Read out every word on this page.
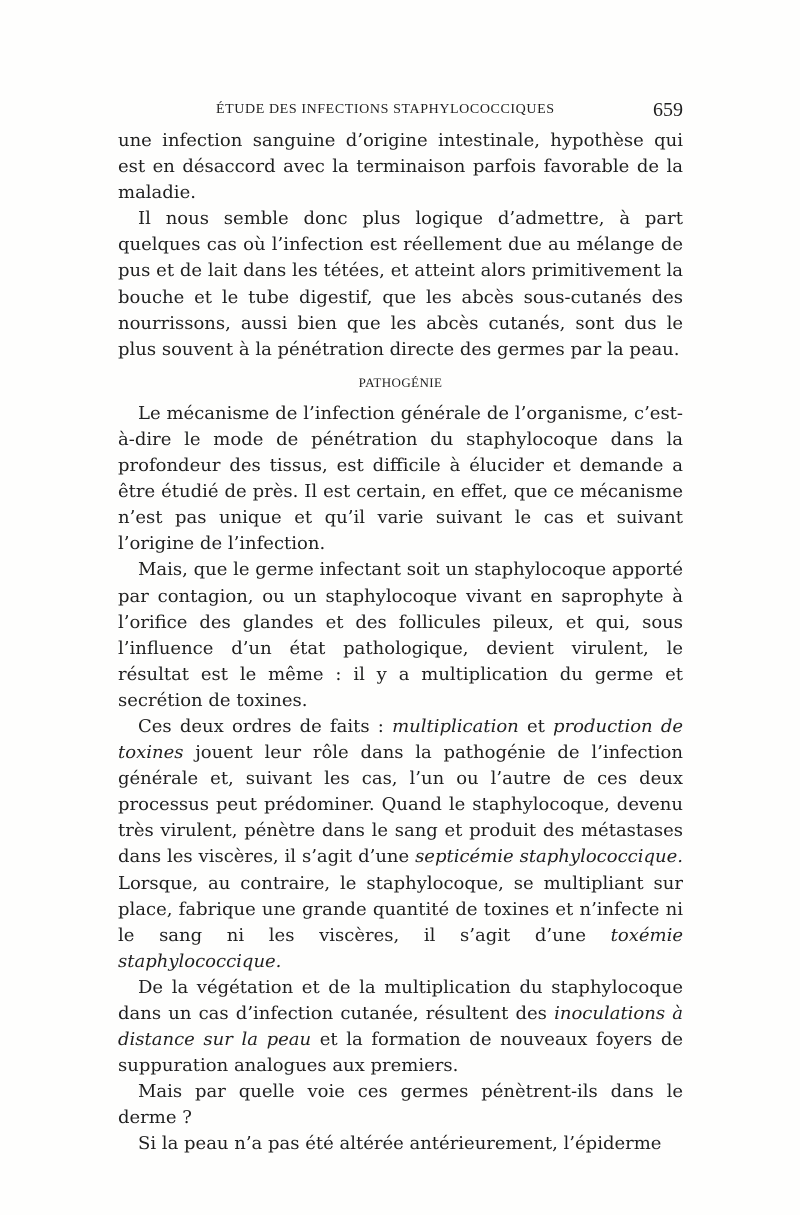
ÉTUDE DES INFECTIONS STAPHYLOCOCCIQUES	659

une infection sanguine d’origine intestinale, hypothèse qui est en désaccord avec la terminaison parfois favorable de la maladie.

Il nous semble donc plus logique d’admettre, à part quelques cas où l’infection est réellement due au mélange de pus et de lait dans les tétées, et atteint alors primitivement la bouche et le tube digestif, que les abcès sous-cutanés des nourrissons, aussi bien que les abcès cutanés, sont dus le plus souvent à la pénétration directe des germes par la peau.

PATHOGÉNIE

Le mécanisme de l’infection générale de l’organisme, c’est-à-dire le mode de pénétration du staphylocoque dans la profondeur des tissus, est difficile à élucider et demande a être étudié de près. Il est certain, en effet, que ce mécanisme n’est pas unique et qu’il varie suivant le cas et suivant l’origine de l’infection.

Mais, que le germe infectant soit un staphylocoque apporté par contagion, ou un staphylocoque vivant en saprophyte à l’orifice des glandes et des follicules pileux, et qui, sous l’influence d’un état pathologique, devient virulent, le résultat est le même : il y a multiplication du germe et secrétion de toxines.

Ces deux ordres de faits : multiplication et production de toxines jouent leur rôle dans la pathogénie de l’infection générale et, suivant les cas, l’un ou l’autre de ces deux processus peut prédominer. Quand le staphylocoque, devenu très virulent, pénètre dans le sang et produit des métastases dans les viscères, il s’agit d’une septicémie staphylococcique. Lorsque, au contraire, le staphylocoque, se multipliant sur place, fabrique une grande quantité de toxines et n’infecte ni le sang ni les viscères, il s’agit d’une toxémie staphylococcique.

De la végétation et de la multiplication du staphylocoque dans un cas d’infection cutanée, résultent des inoculations à distance sur la peau et la formation de nouveaux foyers de suppuration analogues aux premiers.

Mais par quelle voie ces germes pénètrent-ils dans le derme ?

Si la peau n’a pas été altérée antérieurement, l’épiderme
